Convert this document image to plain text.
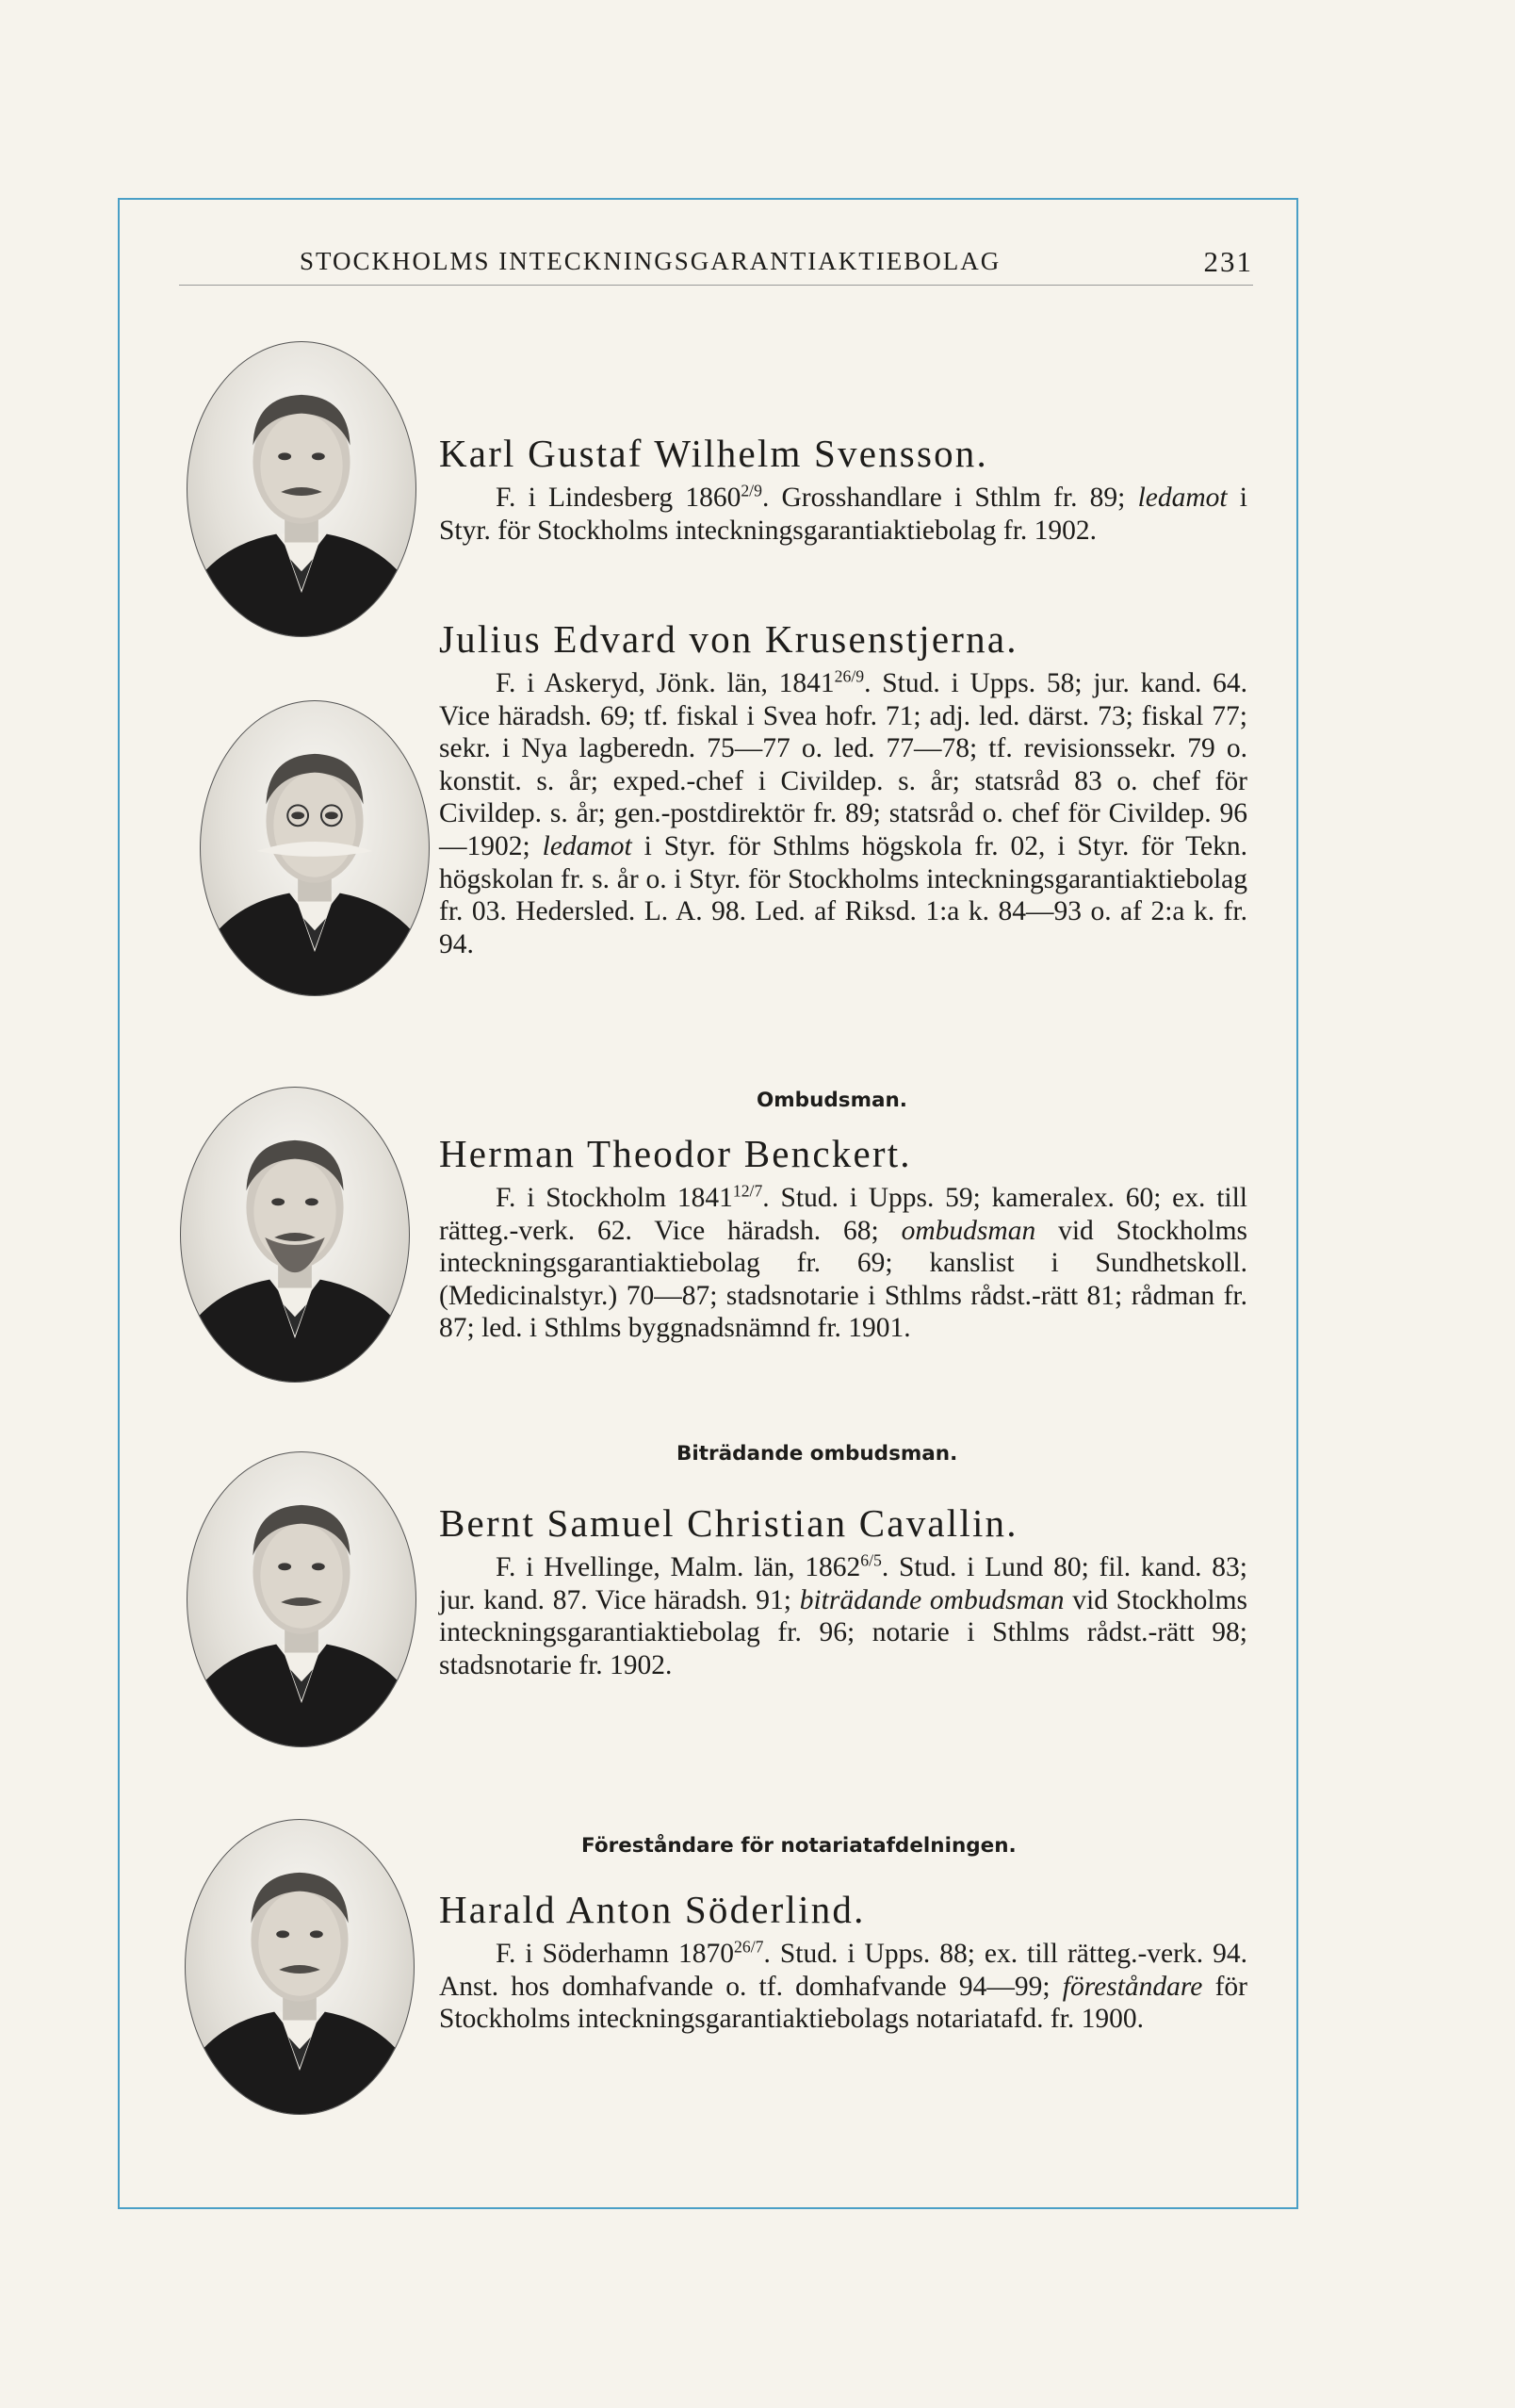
STOCKHOLMS INTECKNINGSGARANTIAKTIEBOLAG	231
Karl Gustaf Wilhelm Svensson.

F. i Lindesberg $1860^{2/9}$. Grosshandlare i Sthlm fr. 89; ledamot i Styr. för Stockholms inteckningsgarantiaktiebolag fr. 1902.

Julius Edvard von Krusenstjerna.

F. i Askeryd, Jönk. län, $1841^{26/9}$. Stud. i Upps. 58; jur. kand. 64. Vice häradsh. 69; tf. fiskal i Svea hofr. 71; adj. led. därst. 73; fiskal 77; sekr. i Nya lagberedn. 75—77 o. led. 77—78; tf. revisionssekr. 79 o. konstit. s. år; exped.-chef i Civildep. s. år; statsråd 83 o. chef för Civildep. s. år; gen.-postdirektör fr. 89; statsråd o. chef för Civildep. 96—1902; ledamot i Styr. för Sthlms högskola fr. 02, i Styr. för Tekn. högskolan fr. s. år o. i Styr. för Stockholms inteckningsgarantiaktiebolag fr. 03. Hedersled. L. A. 98. Led. af Riksd. 1:a k. 84—93 o. af 2:a k. fr. 94.

Ombudsman.
Herman Theodor Benckert.

F. i Stockholm $1841^{12/7}$. Stud. i Upps. 59; kameralex. 60; ex. till rätteg.-verk. 62. Vice häradsh. 68; ombudsman vid Stockholms inteckningsgarantiaktiebolag fr. 69; kanslist i Sundhetskoll. (Medicinalstyr.) 70—87; stadsnotarie i Sthlms rådst.-rätt 81; rådman fr. 87; led. i Sthlms byggnadsnämnd fr. 1901.

Biträdande ombudsman.
Bernt Samuel Christian Cavallin.

F. i Hvellinge, Malm. län, $1862^{6/5}$. Stud. i Lund 80; fil. kand. 83; jur. kand. 87. Vice häradsh. 91; biträdande ombudsman vid Stockholms inteckningsgarantiaktiebolag fr. 96; notarie i Sthlms rådst.-rätt 98; stadsnotarie fr. 1902.

Föreståndare för notariatafdelningen.
Harald Anton Söderlind.

F. i Söderhamn $1870^{26/7}$. Stud. i Upps. 88; ex. till rätteg.-verk. 94. Anst. hos domhafvande o. tf. domhafvande 94—99; föreståndare för Stockholms inteckningsgarantiaktiebolags notariatafd. fr. 1900.
